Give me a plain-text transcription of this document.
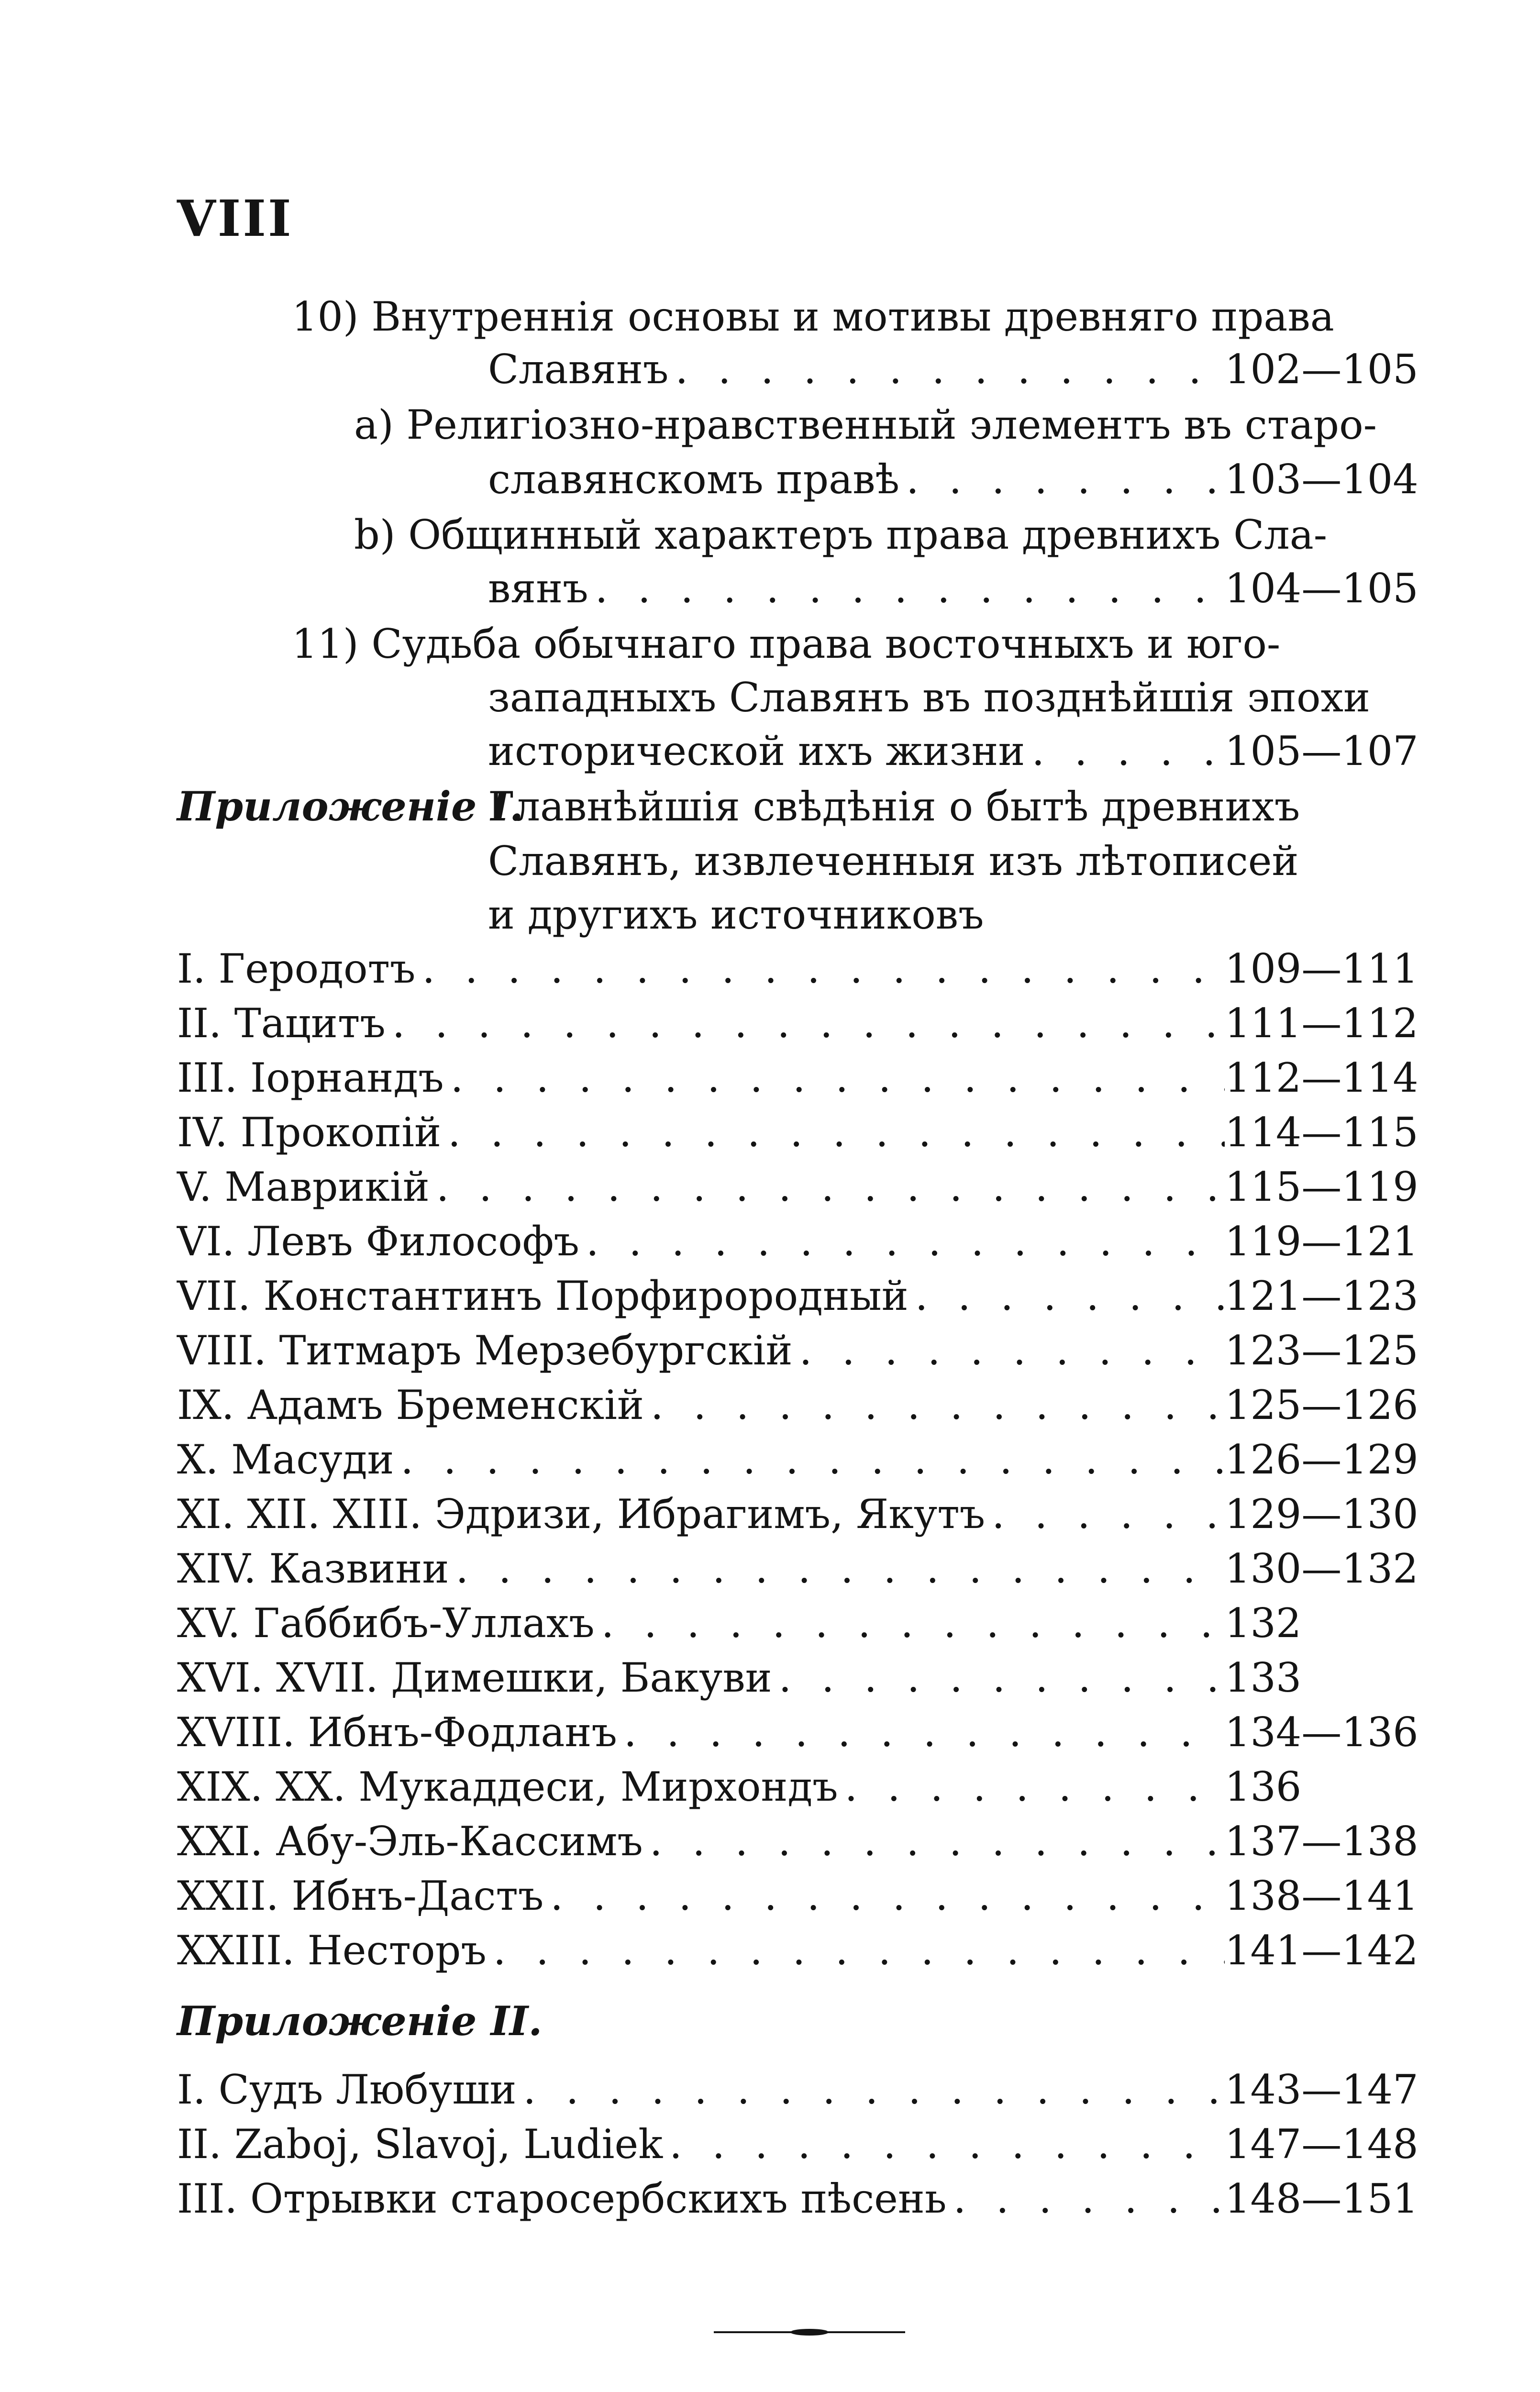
VIII
10) Внутреннія основы и мотивы древняго права
Славянъ . . .	102—105
a) Религіозно-нравственный элементъ въ старо-
славянскомъ правѣ . . .	103—104
b) Общинный характеръ права древнихъ Сла-
вянъ . . .	104—105
11) Судьба обычнаго права восточныхъ и юго-
западныхъ Славянъ въ позднѣйшія эпохи
исторической ихъ жизни . . .	105—107
Приложеніе I.
Главнѣйшія свѣдѣнія о бытѣ древнихъ
Славянъ, извлеченныя изъ лѣтописей
и другихъ источниковъ
I. Геродотъ . . .	109—111
II. Тацитъ . . .	111—112
III. Іорнандъ . . .	112—114
IV. Прокопій . . .	114—115
V. Маврикій . . .	115—119
VI. Левъ Философъ . . .	119—121
VII. Константинъ Порфирородный . . .	121—123
VIII. Титмаръ Мерзебургскій . . .	123—125
IX. Адамъ Бременскій . . .	125—126
X. Масуди . . .	126—129
XI. XII. XIII. Эдризи, Ибрагимъ, Якутъ . . .	129—130
XIV. Казвини . . .	130—132
XV. Габбибъ-Уллахъ . . .	132
XVI. XVII. Димешки, Бакуви . . .	133
XVIII. Ибнъ-Фодланъ . . .	134—136
XIX. XX. Мукаддеси, Мирхондъ . . .	136
XXI. Абу-Эль-Кассимъ . . .	137—138
XXII. Ибнъ-Дастъ . . .	138—141
XXIII. Несторъ . . .	141—142
Приложеніе II.
I. Судъ Любуши . . .	143—147
II. Zaboj, Slavoj, Ludiek . . .	147—148
III. Отрывки старосербскихъ пѣсень . . .	148—151
